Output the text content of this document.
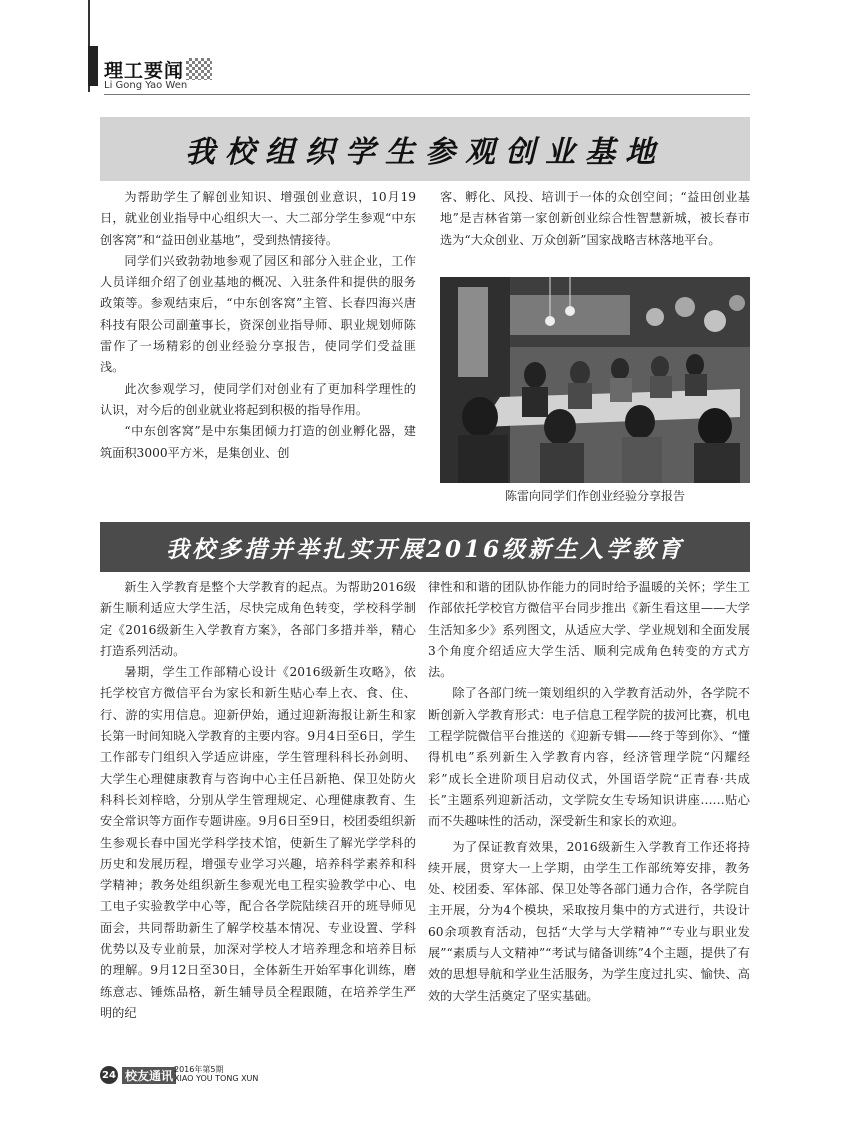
理工要闻
Li Gong Yao Wen
我校组织学生参观创业基地

为帮助学生了解创业知识、增强创业意识，10月19日，就业创业指导中心组织大一、大二部分学生参观“中东创客窝”和“益田创业基地”，受到热情接待。

同学们兴致勃勃地参观了园区和部分入驻企业，工作人员详细介绍了创业基地的概况、入驻条件和提供的服务政策等。参观结束后，“中东创客窝”主管、长春四海兴唐科技有限公司副董事长，资深创业指导师、职业规划师陈雷作了一场精彩的创业经验分享报告，使同学们受益匪浅。

此次参观学习，使同学们对创业有了更加科学理性的认识，对今后的创业就业将起到积极的指导作用。

“中东创客窝”是中东集团倾力打造的创业孵化器，建筑面积3000平方米，是集创业、创

客、孵化、风投、培训于一体的众创空间；“益田创业基地”是吉林省第一家创新创业综合性智慧新城，被长春市选为“大众创业、万众创新”国家战略吉林落地平台。

陈雷向同学们作创业经验分享报告
我校多措并举扎实开展2016级新生入学教育

新生入学教育是整个大学教育的起点。为帮助2016级新生顺利适应大学生活，尽快完成角色转变，学校科学制定《2016级新生入学教育方案》，各部门多措并举，精心打造系列活动。

暑期，学生工作部精心设计《2016级新生攻略》，依托学校官方微信平台为家长和新生贴心奉上衣、食、住、行、游的实用信息。迎新伊始，通过迎新海报让新生和家长第一时间知晓入学教育的主要内容。9月4日至6日，学生工作部专门组织入学适应讲座，学生管理科科长孙剑明、大学生心理健康教育与咨询中心主任吕新艳、保卫处防火科科长刘梓晗，分别从学生管理规定、心理健康教育、生安全常识等方面作专题讲座。9月6日至9日，校团委组织新生参观长春中国光学科学技术馆，使新生了解光学学科的历史和发展历程，增强专业学习兴趣，培养科学素养和科学精神；教务处组织新生参观光电工程实验教学中心、电工电子实验教学中心等，配合各学院陆续召开的班导师见面会，共同帮助新生了解学校基本情况、专业设置、学科优势以及专业前景，加深对学校人才培养理念和培养目标的理解。9月12日至30日，全体新生开始军事化训练，磨练意志、锤炼品格，新生辅导员全程跟随，在培养学生严明的纪

律性和和谐的团队协作能力的同时给予温暖的关怀；学生工作部依托学校官方微信平台同步推出《新生看这里——大学生活知多少》系列图文，从适应大学、学业规划和全面发展3个角度介绍适应大学生活、顺利完成角色转变的方式方法。

除了各部门统一策划组织的入学教育活动外，各学院不断创新入学教育形式：电子信息工程学院的拔河比赛，机电工程学院微信平台推送的《迎新专辑——终于等到你》、“懂得机电”系列新生入学教育内容，经济管理学院“闪耀经彩”成长全进阶项目启动仪式，外国语学院“正青春·共成长”主题系列迎新活动，文学院女生专场知识讲座……贴心而不失趣味性的活动，深受新生和家长的欢迎。

为了保证教育效果，2016级新生入学教育工作还将持续开展，贯穿大一上学期，由学生工作部统筹安排，教务处、校团委、军体部、保卫处等各部门通力合作，各学院自主开展，分为4个模块，采取按月集中的方式进行，共设计60余项教育活动，包括“大学与大学精神”“专业与职业发展”“素质与人文精神”“考试与储备训练”4个主题，提供了有效的思想导航和学业生活服务，为学生度过扎实、愉快、高效的大学生活奠定了坚实基础。

24 校友通讯 2016年第5期
XIAO YOU TONG XUN
